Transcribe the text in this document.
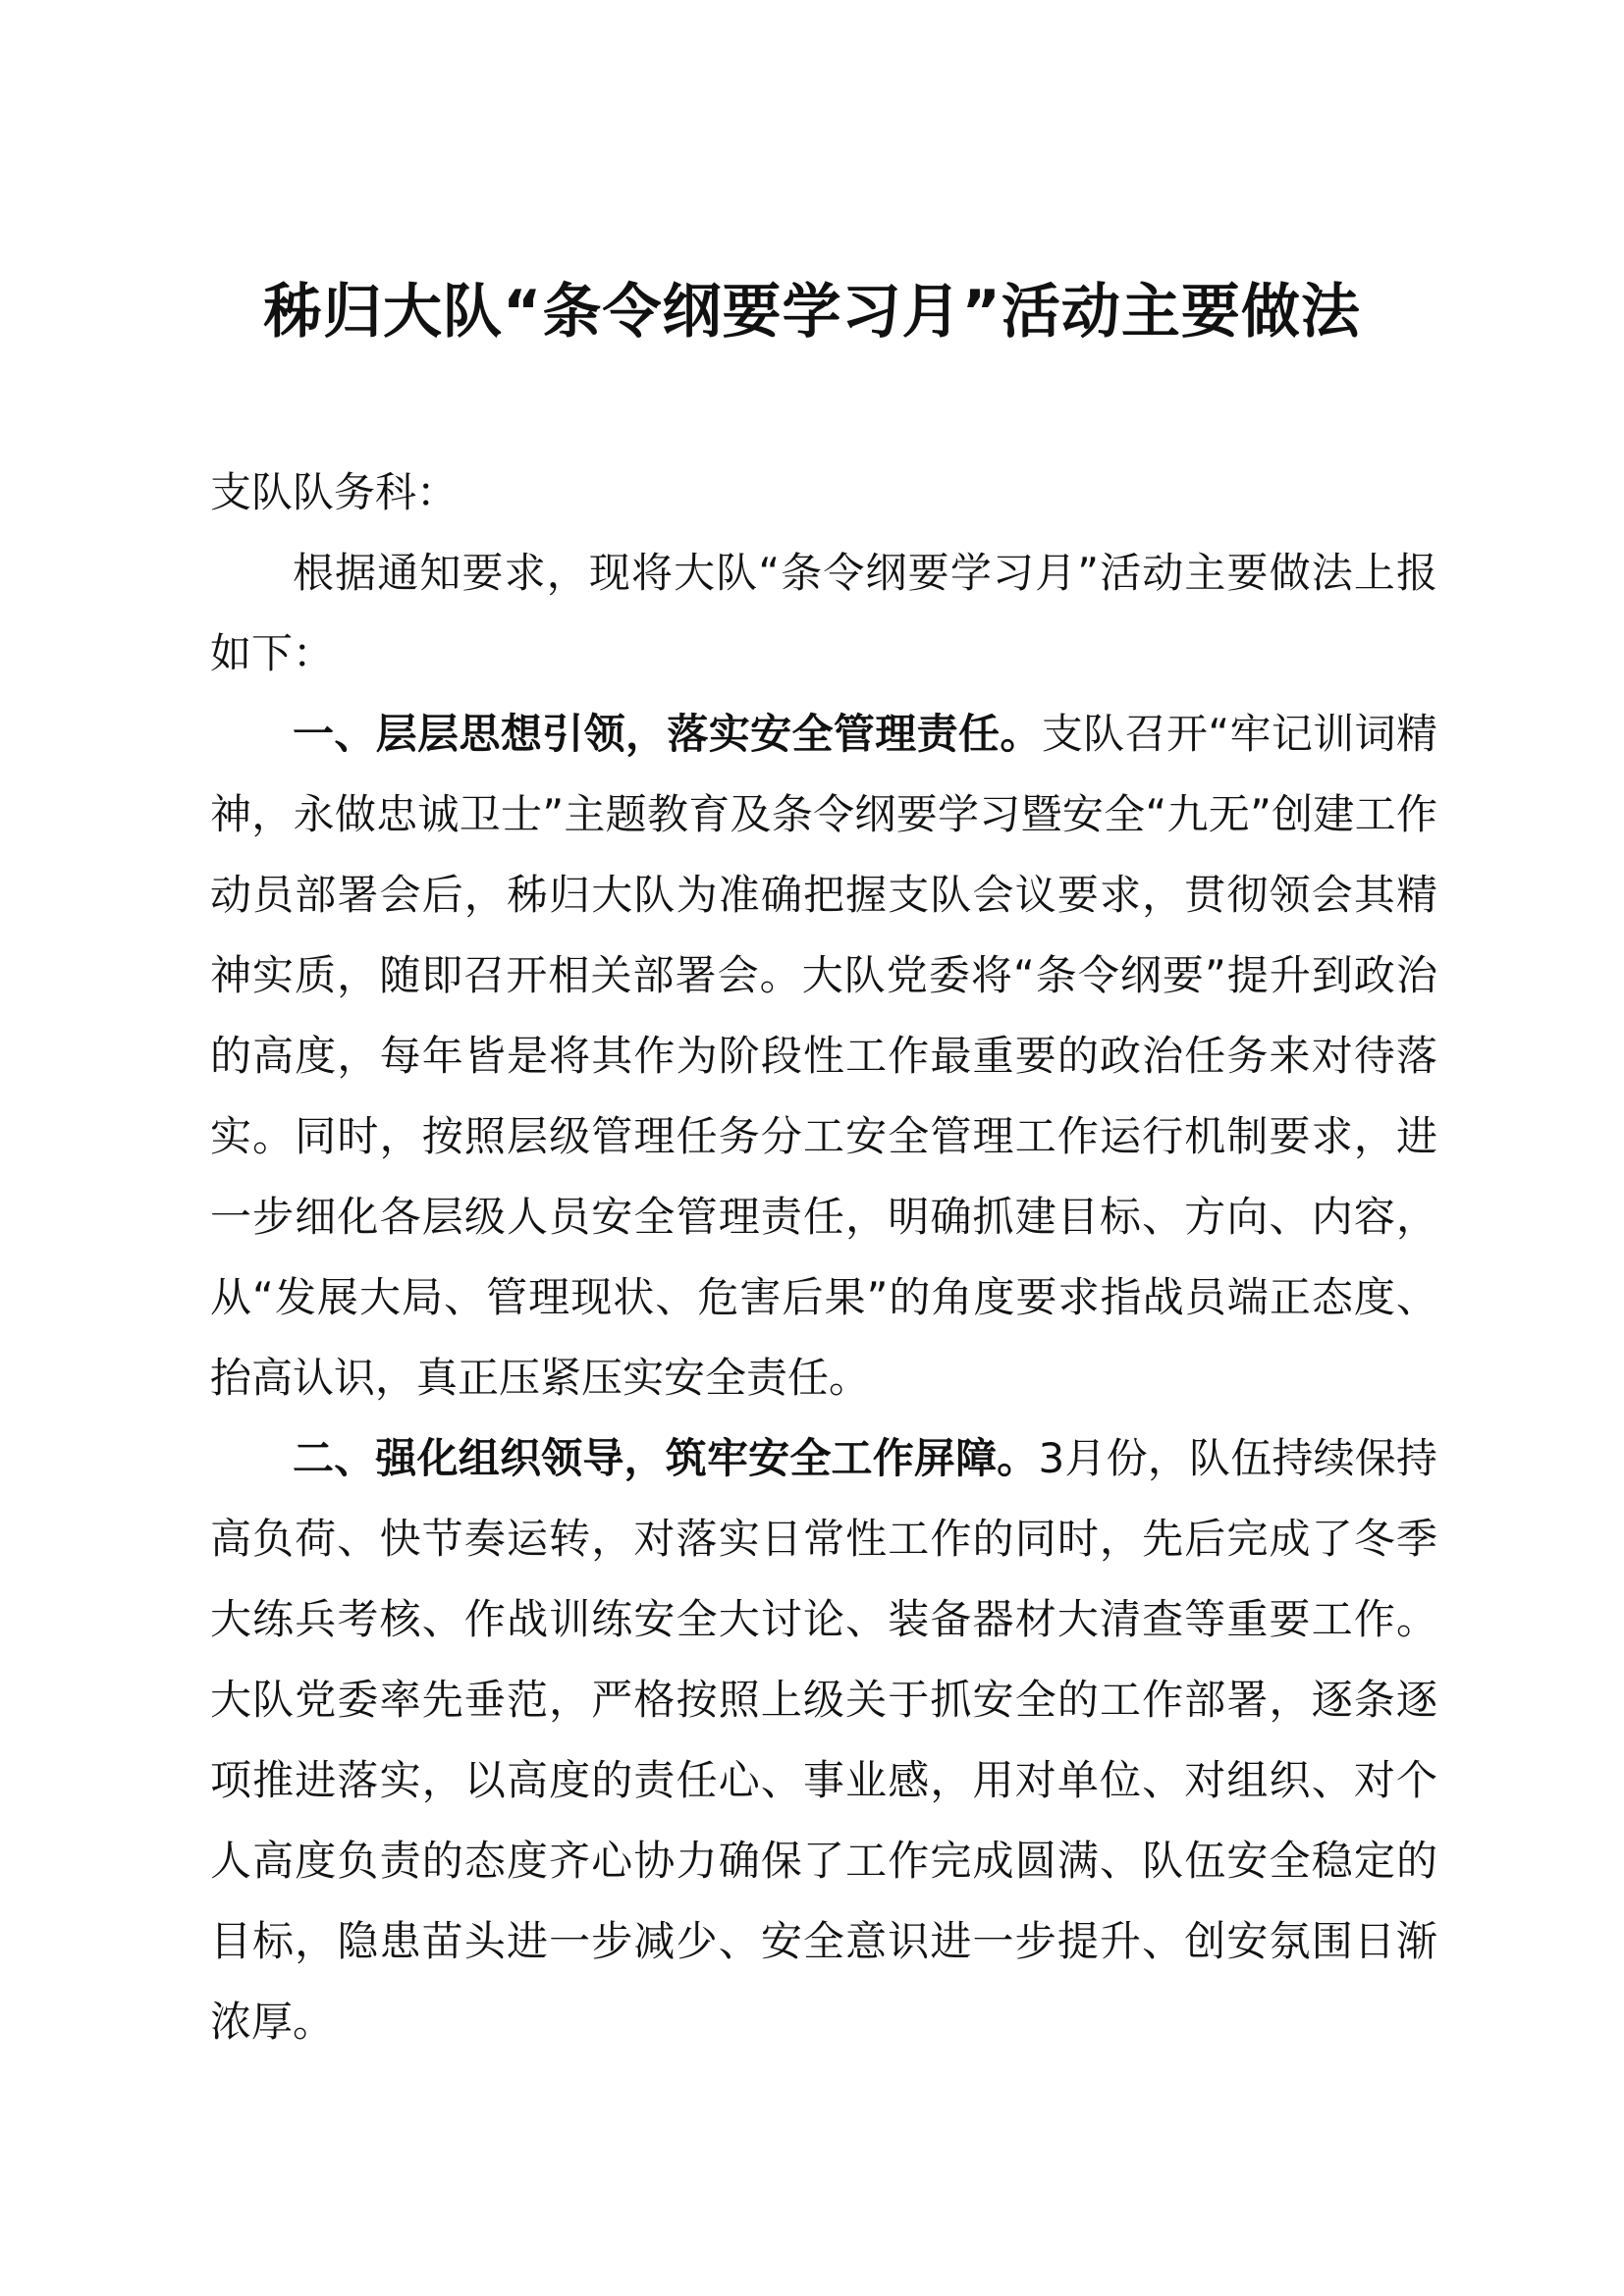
秭归大队“条令纲要学习月”活动主要做法

支队队务科：

根据通知要求，现将大队“条令纲要学习月”活动主要做法上报如下：

一、层层思想引领，落实安全管理责任。支队召开“牢记训词精神，永做忠诚卫士”主题教育及条令纲要学习暨安全“九无”创建工作动员部署会后，秭归大队为准确把握支队会议要求，贯彻领会其精神实质，随即召开相关部署会。大队党委将“条令纲要”提升到政治的高度，每年皆是将其作为阶段性工作最重要的政治任务来对待落实。同时，按照层级管理任务分工安全管理工作运行机制要求，进一步细化各层级人员安全管理责任，明确抓建目标、方向、内容，从“发展大局、管理现状、危害后果”的角度要求指战员端正态度、抬高认识，真正压紧压实安全责任。

二、强化组织领导，筑牢安全工作屏障。3月份，队伍持续保持高负荷、快节奏运转，对落实日常性工作的同时，先后完成了冬季大练兵考核、作战训练安全大讨论、装备器材大清查等重要工作。大队党委率先垂范，严格按照上级关于抓安全的工作部署，逐条逐项推进落实，以高度的责任心、事业感，用对单位、对组织、对个人高度负责的态度齐心协力确保了工作完成圆满、队伍安全稳定的目标，隐患苗头进一步减少、安全意识进一步提升、创安氛围日渐浓厚。
